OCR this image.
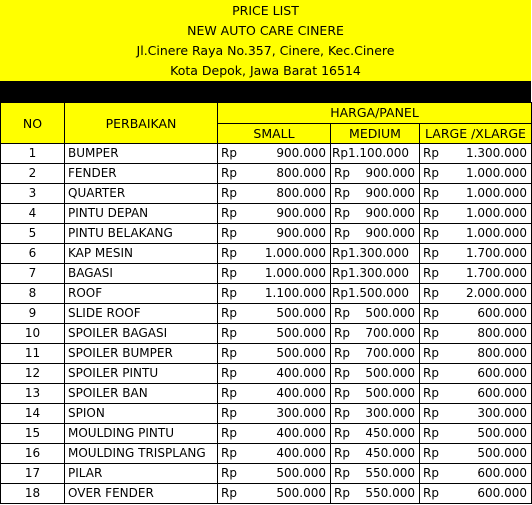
PRICE LIST
NEW AUTO CARE CINERE
Jl.Cinere Raya No.357, Cinere, Kec.Cinere
Kota Depok, Jawa Barat 16514
NO	PERBAIKAN	HARGA/PANEL		
		SMALL	MEDIUM	LARGE /XLARGE
1	BUMPER	Rp 900.000	Rp 1.100.000	Rp 1.300.000

2	FENDER	Rp 800.000	Rp 900.000	Rp 1.000.000

3	QUARTER	Rp 800.000	Rp 900.000	Rp 1.000.000

4	PINTU DEPAN	Rp 900.000	Rp 900.000	Rp 1.000.000

5	PINTU BELAKANG	Rp 900.000	Rp 900.000	Rp 1.000.000

6	KAP MESIN	Rp 1.000.000	Rp 1.300.000	Rp 1.700.000

7	BAGASI	Rp 1.000.000	Rp 1.300.000	Rp 1.700.000

8	ROOF	Rp 1.100.000	Rp 1.500.000	Rp 2.000.000

9	SLIDE ROOF	Rp 500.000	Rp 500.000	Rp 600.000

10	SPOILER BAGASI	Rp 500.000	Rp 700.000	Rp 800.000

11	SPOILER BUMPER	Rp 500.000	Rp 700.000	Rp 800.000

12	SPOILER PINTU	Rp 400.000	Rp 500.000	Rp 600.000

13	SPOILER BAN	Rp 400.000	Rp 500.000	Rp 600.000

14	SPION	Rp 300.000	Rp 300.000	Rp 300.000

15	MOULDING PINTU	Rp 400.000	Rp 450.000	Rp 500.000

16	MOULDING TRISPLANG	Rp 400.000	Rp 450.000	Rp 500.000

17	PILAR	Rp 500.000	Rp 550.000	Rp 600.000

18	OVER FENDER	Rp 500.000	Rp 550.000	Rp 600.000
